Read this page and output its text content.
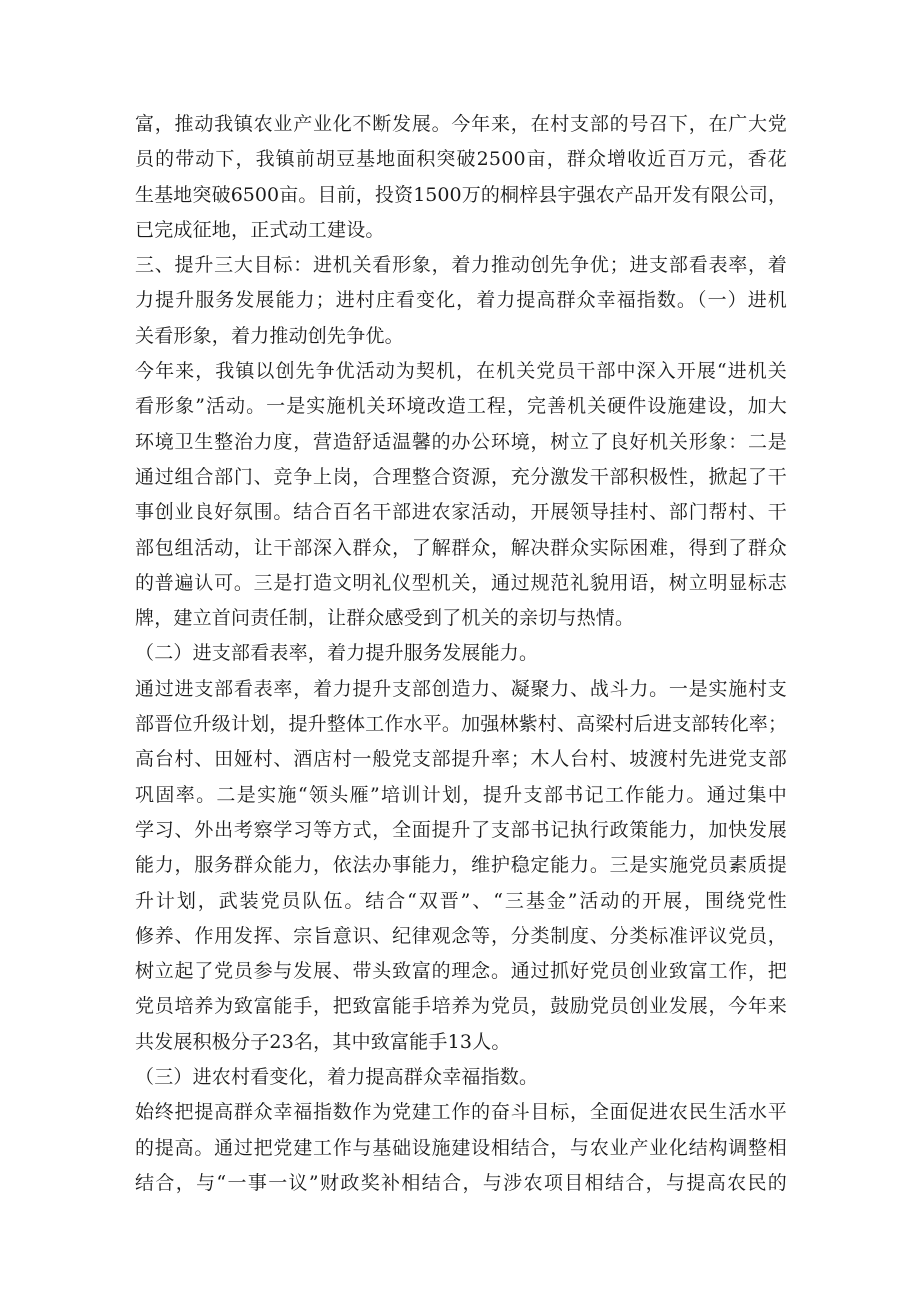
富，推动我镇农业产业化不断发展。今年来，在村支部的号召下，在广大党
员的带动下，我镇前胡豆基地面积突破2500亩，群众增收近百万元，香花
生基地突破6500亩。目前，投资1500万的桐梓县宇强农产品开发有限公司，
已完成征地，正式动工建设。
三、提升三大目标：进机关看形象，着力推动创先争优；进支部看表率，着
力提升服务发展能力；进村庄看变化，着力提高群众幸福指数。（一）进机
关看形象，着力推动创先争优。
今年来，我镇以创先争优活动为契机，在机关党员干部中深入开展“进机关
看形象”活动。一是实施机关环境改造工程，完善机关硬件设施建设，加大
环境卫生整治力度，营造舒适温馨的办公环境，树立了良好机关形象：二是
通过组合部门、竞争上岗，合理整合资源，充分激发干部积极性，掀起了干
事创业良好氛围。结合百名干部进农家活动，开展领导挂村、部门帮村、干
部包组活动，让干部深入群众，了解群众，解决群众实际困难，得到了群众
的普遍认可。三是打造文明礼仪型机关，通过规范礼貌用语，树立明显标志
牌，建立首问责任制，让群众感受到了机关的亲切与热情。
（二）进支部看表率，着力提升服务发展能力。
通过进支部看表率，着力提升支部创造力、凝聚力、战斗力。一是实施村支
部晋位升级计划，提升整体工作水平。加强林紫村、高梁村后进支部转化率；
高台村、田娅村、酒店村一般党支部提升率；木人台村、坡渡村先进党支部
巩固率。二是实施“领头雁”培训计划，提升支部书记工作能力。通过集中
学习、外出考察学习等方式，全面提升了支部书记执行政策能力，加快发展
能力，服务群众能力，依法办事能力，维护稳定能力。三是实施党员素质提
升计划，武装党员队伍。结合“双晋”、“三基金”活动的开展，围绕党性
修养、作用发挥、宗旨意识、纪律观念等，分类制度、分类标准评议党员，
树立起了党员参与发展、带头致富的理念。通过抓好党员创业致富工作，把
党员培养为致富能手，把致富能手培养为党员，鼓励党员创业发展，今年来
共发展积极分子23名，其中致富能手13人。
（三）进农村看变化，着力提高群众幸福指数。
始终把提高群众幸福指数作为党建工作的奋斗目标，全面促进农民生活水平
的提高。通过把党建工作与基础设施建设相结合，与农业产业化结构调整相
结合，与“一事一议”财政奖补相结合，与涉农项目相结合，与提高农民的
